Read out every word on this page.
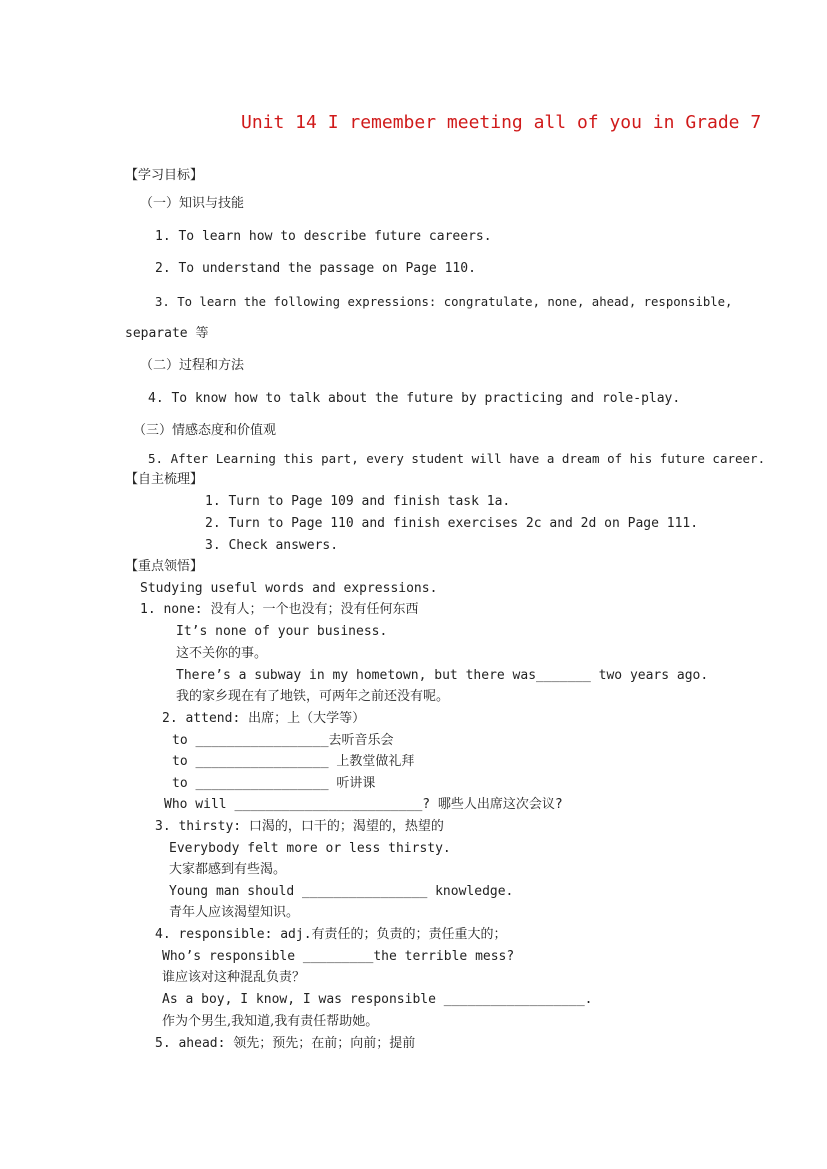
Unit 14 I remember meeting all of you in Grade 7
【学习目标】
（一）知识与技能
1. To learn how to describe future careers.
2. To understand the passage on Page 110.
3. To learn the following expressions: congratulate, none, ahead, responsible,
separate 等
（二）过程和方法
4. To know how to talk about the future by practicing and role-play.
（三）情感态度和价值观
5. After Learning this part, every student will have a dream of his future career.
【自主梳理】
1. Turn to Page 109 and finish task 1a.
2. Turn to Page 110 and finish exercises 2c and 2d on Page 111.
3. Check answers.
【重点领悟】
Studying useful words and expressions.
1. none: 没有人；一个也没有；没有任何东西
It’s none of your business.
这不关你的事。
There’s a subway in my hometown, but there was_______ two years ago.
我的家乡现在有了地铁，可两年之前还没有呢。
2. attend: 出席；上（大学等）
to _________________去听音乐会
to _________________ 上教堂做礼拜
to _________________ 听讲课
Who will ________________________? 哪些人出席这次会议?
3. thirsty: 口渴的，口干的；渴望的，热望的
Everybody felt more or less thirsty.
大家都感到有些渴。
Young man should ________________ knowledge.
青年人应该渴望知识。
4. responsible: adj.有责任的；负责的；责任重大的；
Who’s responsible _________the terrible mess?
谁应该对这种混乱负责？
As a boy, I know, I was responsible __________________.
作为个男生,我知道,我有责任帮助她。
5. ahead: 领先；预先；在前；向前；提前
